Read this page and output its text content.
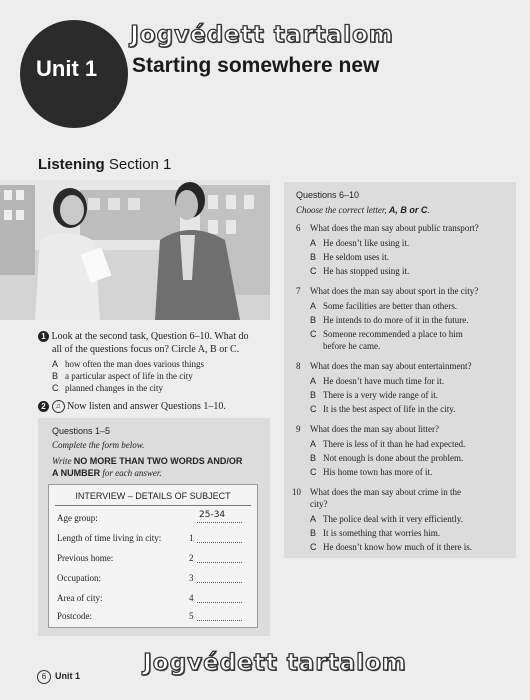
Jogvédett tartalom
Jogvédett tartalom
Unit 1 Starting somewhere new
Listening Section 1
1 Look at the second task, Question 6–10. What do
all of the questions focus on? Circle A, B or C.
A how often the man does various things
B a particular aspect of life in the city
C planned changes in the city
2 ♫ Now listen and answer Questions 1–10.
Questions 1–5
Complete the form below.
Write NO MORE THAN TWO WORDS AND/OR
A NUMBER for each answer.
INTERVIEW – DETAILS OF SUBJECT
Age group:	25-34
Length of time living in city:	1
Previous home:	2
Occupation:	3
Area of city:	4
Postcode:	5
Questions 6–10
Choose the correct letter, A, B or C.
6 What does the man say about public transport?
A He doesn’t like using it.
B He seldom uses it.
C He has stopped using it.
7 What does the man say about sport in the city?
A Some facilities are better than others.
B He intends to do more of it in the future.
C Someone recommended a place to him
before he came.
8 What does the man say about entertainment?
A He doesn’t have much time for it.
B There is a very wide range of it.
C It is the best aspect of life in the city.
9 What does the man say about litter?
A There is less of it than he had expected.
B Not enough is done about the problem.
C His home town has more of it.
10 What does the man say about crime in the
city?
A The police deal with it very efficiently.
B It is something that worries him.
C He doesn’t know how much of it there is.
6 Unit 1
